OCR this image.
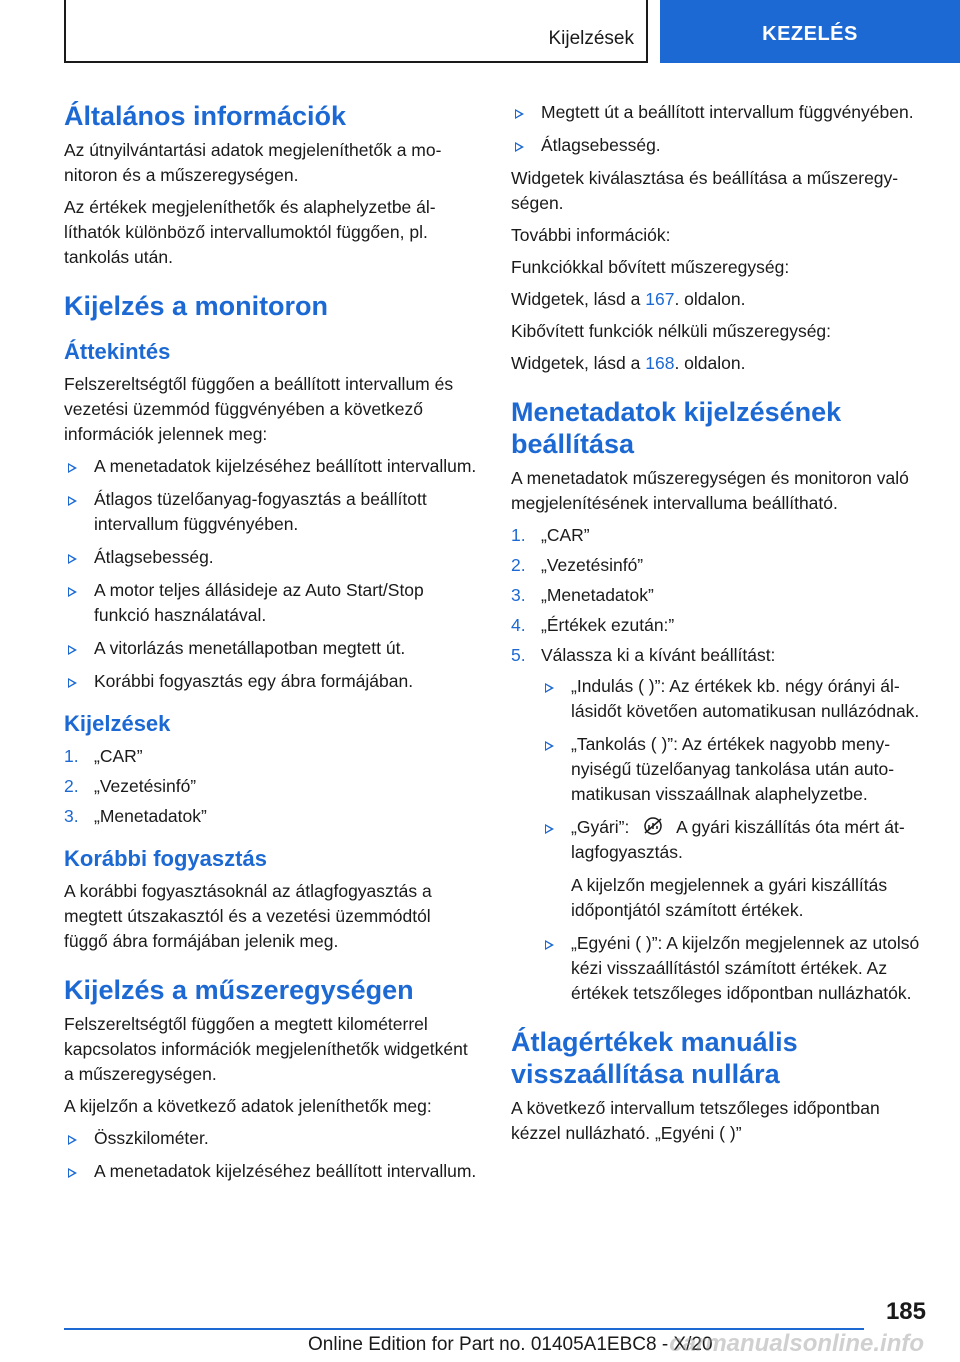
Kijelzések	KEZELÉS
Általános információk

Az útnyilvántartási adatok megjeleníthetők a monitoron és a műszeregységen.

Az értékek megjeleníthetők és alaphelyzetbe állíthatók különböző intervallumoktól függően, pl. tankolás után.

Kijelzés a monitoron
Áttekintés

Felszereltségtől függően a beállított intervallum és vezetési üzemmód függvényében a következő információk jelennek meg:

A menetadatok kijelzéséhez beállított intervallum.
Átlagos tüzelőanyag-fogyasztás a beállított intervallum függvényében.
Átlagsebesség.
A motor teljes állásideje az Auto Start/Stop funkció használatával.
A vitorlázás menetállapotban megtett út.
Korábbi fogyasztás egy ábra formájában.
Kijelzések
1. „CAR”
2. „Vezetésinfó”
3. „Menetadatok”
Korábbi fogyasztás

A korábbi fogyasztásoknál az átlagfogyasztás a megtett útszakasztól és a vezetési üzemmódtól függő ábra formájában jelenik meg.

Kijelzés a műszeregységen

Felszereltségtől függően a megtett kilométerrel kapcsolatos információk megjeleníthetők widgetként a műszeregységen.

A kijelzőn a következő adatok jeleníthetők meg:

Összkilométer.
A menetadatok kijelzéséhez beállított intervallum.
Megtett út a beállított intervallum függvényében.
Átlagsebesség.

Widgetek kiválasztása és beállítása a műszeregységen.

További információk:

Funkciókkal bővített műszeregység:

Widgetek, lásd a 167. oldalon.

Kibővített funkciók nélküli műszeregység:

Widgetek, lásd a 168. oldalon.

Menetadatok kijelzésének beállítása

A menetadatok műszeregységen és monitoron való megjelenítésének intervalluma beállítható.

1. „CAR”
2. „Vezetésinfó”
3. „Menetadatok”
4. „Értékek ezután:”
5. Válassza ki a kívánt beállítást:
„Indulás ( )”: Az értékek kb. négy órányi állásidőt követően automatikusan nullázódnak.
„Tankolás ( )”: Az értékek nagyobb menynyiségű tüzelőanyag tankolása után automatikusan visszaállnak alaphelyzetbe.
„Gyári”:	A gyári kiszállítás óta mért átlagfogyasztás.
A kijelzőn megjelennek a gyári kiszállítás időpontjától számított értékek.
„Egyéni ( )”: A kijelzőn megjelennek az utolsó kézi visszaállítástól számított értékek. Az értékek tetszőleges időpontban nullázhatók.
Átlagértékek manuális visszaállítása nullára

A következő intervallum tetszőleges időpontban kézzel nullázható. „Egyéni ( )”

185
Online Edition for Part no. 01405A1EBC8 - X/20
carmanualsonline.info
